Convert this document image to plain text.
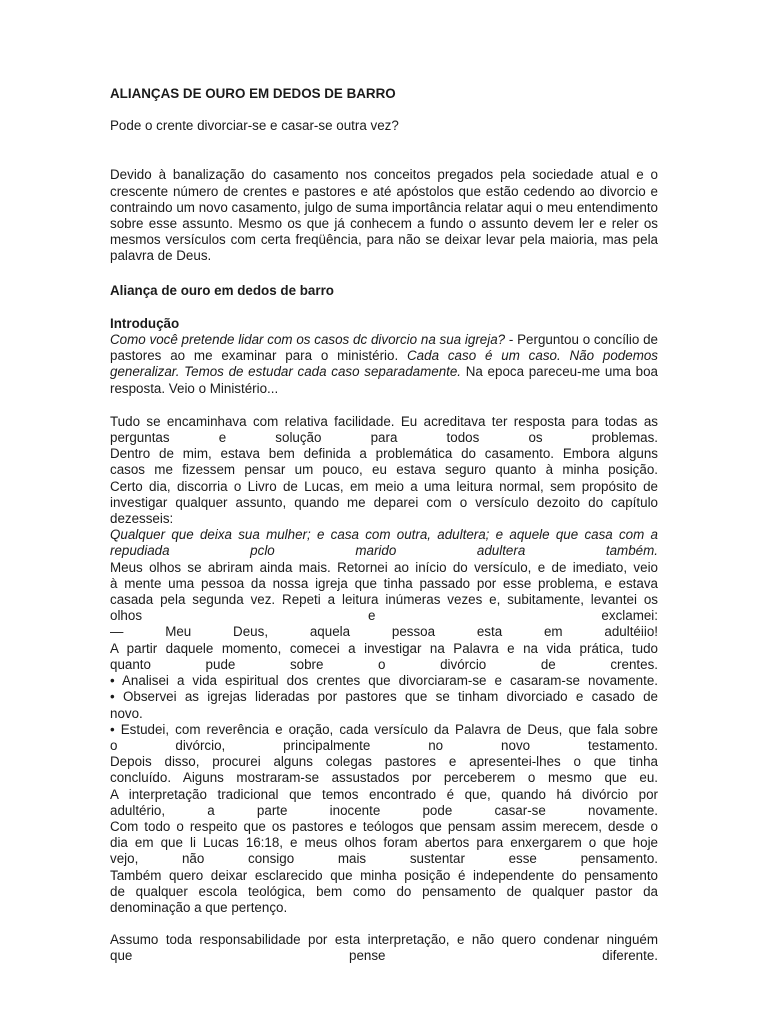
ALIANÇAS DE OURO EM DEDOS DE BARRO

Pode o crente divorciar-se e casar-se outra vez?

Devido à banalização do casamento nos conceitos pregados pela sociedade atual e o crescente número de crentes e pastores e até apóstolos que estão cedendo ao divorcio e contraindo um novo casamento, julgo de suma importância relatar aqui o meu entendimento sobre esse assunto. Mesmo os que já conhecem a fundo o assunto devem ler e reler os mesmos versículos com certa freqüência, para não se deixar levar pela maioria, mas pela palavra de Deus.

Aliança de ouro em dedos de barro

Introdução

Como você pretende lidar com os casos dc divorcio na sua igreja? - Perguntou o concílio de pastores ao me examinar para o ministério. Cada caso é um caso. Não podemos generalizar. Temos de estudar cada caso separadamente. Na epoca pareceu-me uma boa resposta. Veio o Ministério...

Tudo se encaminhava com relativa facilidade. Eu acreditava ter resposta para todas as

perguntas e solução para todos os problemas.

Dentro de mim, estava bem definida a problemática do casamento. Embora alguns

casos me fizessem pensar um pouco, eu estava seguro quanto à minha posição.

Certo dia, discorria o Livro de Lucas, em meio a uma leitura normal, sem propósito de

investigar qualquer assunto, quando me deparei com o versículo dezoito do capítulo

dezesseis:

Qualquer que deixa sua mulher; e casa com outra, adultera; e aquele que casa com a

repudiada pclo marido adultera também.

Meus olhos se abriram ainda mais. Retornei ao início do versículo, e de imediato, veio

à mente uma pessoa da nossa igreja que tinha passado por esse problema, e estava

casada pela segunda vez. Repeti a leitura inúmeras vezes e, subitamente, levantei os

olhos e exclamei:

— Meu Deus, aquela pessoa esta em adultéiio!

A partir daquele momento, comecei a investigar na Palavra e na vida prática, tudo

quanto pude sobre o divórcio de crentes.

• Analisei a vida espiritual dos crentes que divorciaram-se e casaram-se novamente.

• Observei as igrejas lideradas por pastores que se tinham divorciado e casado de

novo.

• Estudei, com reverência e oração, cada versículo da Palavra de Deus, que fala sobre

o divórcio, principalmente no novo testamento.

Depois disso, procurei alguns colegas pastores e apresentei-lhes o que tinha

concluído. Aiguns mostraram-se assustados por perceberem o mesmo que eu.

A interpretação tradicional que temos encontrado é que, quando há divórcio por

adultério, a parte inocente pode casar-se novamente.

Com todo o respeito que os pastores e teólogos que pensam assim merecem, desde o

dia em que li Lucas 16:18, e meus olhos foram abertos para enxergarem o que hoje

vejo, não consigo mais sustentar esse pensamento.

Também quero deixar esclarecido que minha posição é independente do pensamento

de qualquer escola teológica, bem como do pensamento de qualquer pastor da

denominação a que pertenço.

Assumo toda responsabilidade por esta interpretação, e não quero condenar ninguém

que pense diferente.
